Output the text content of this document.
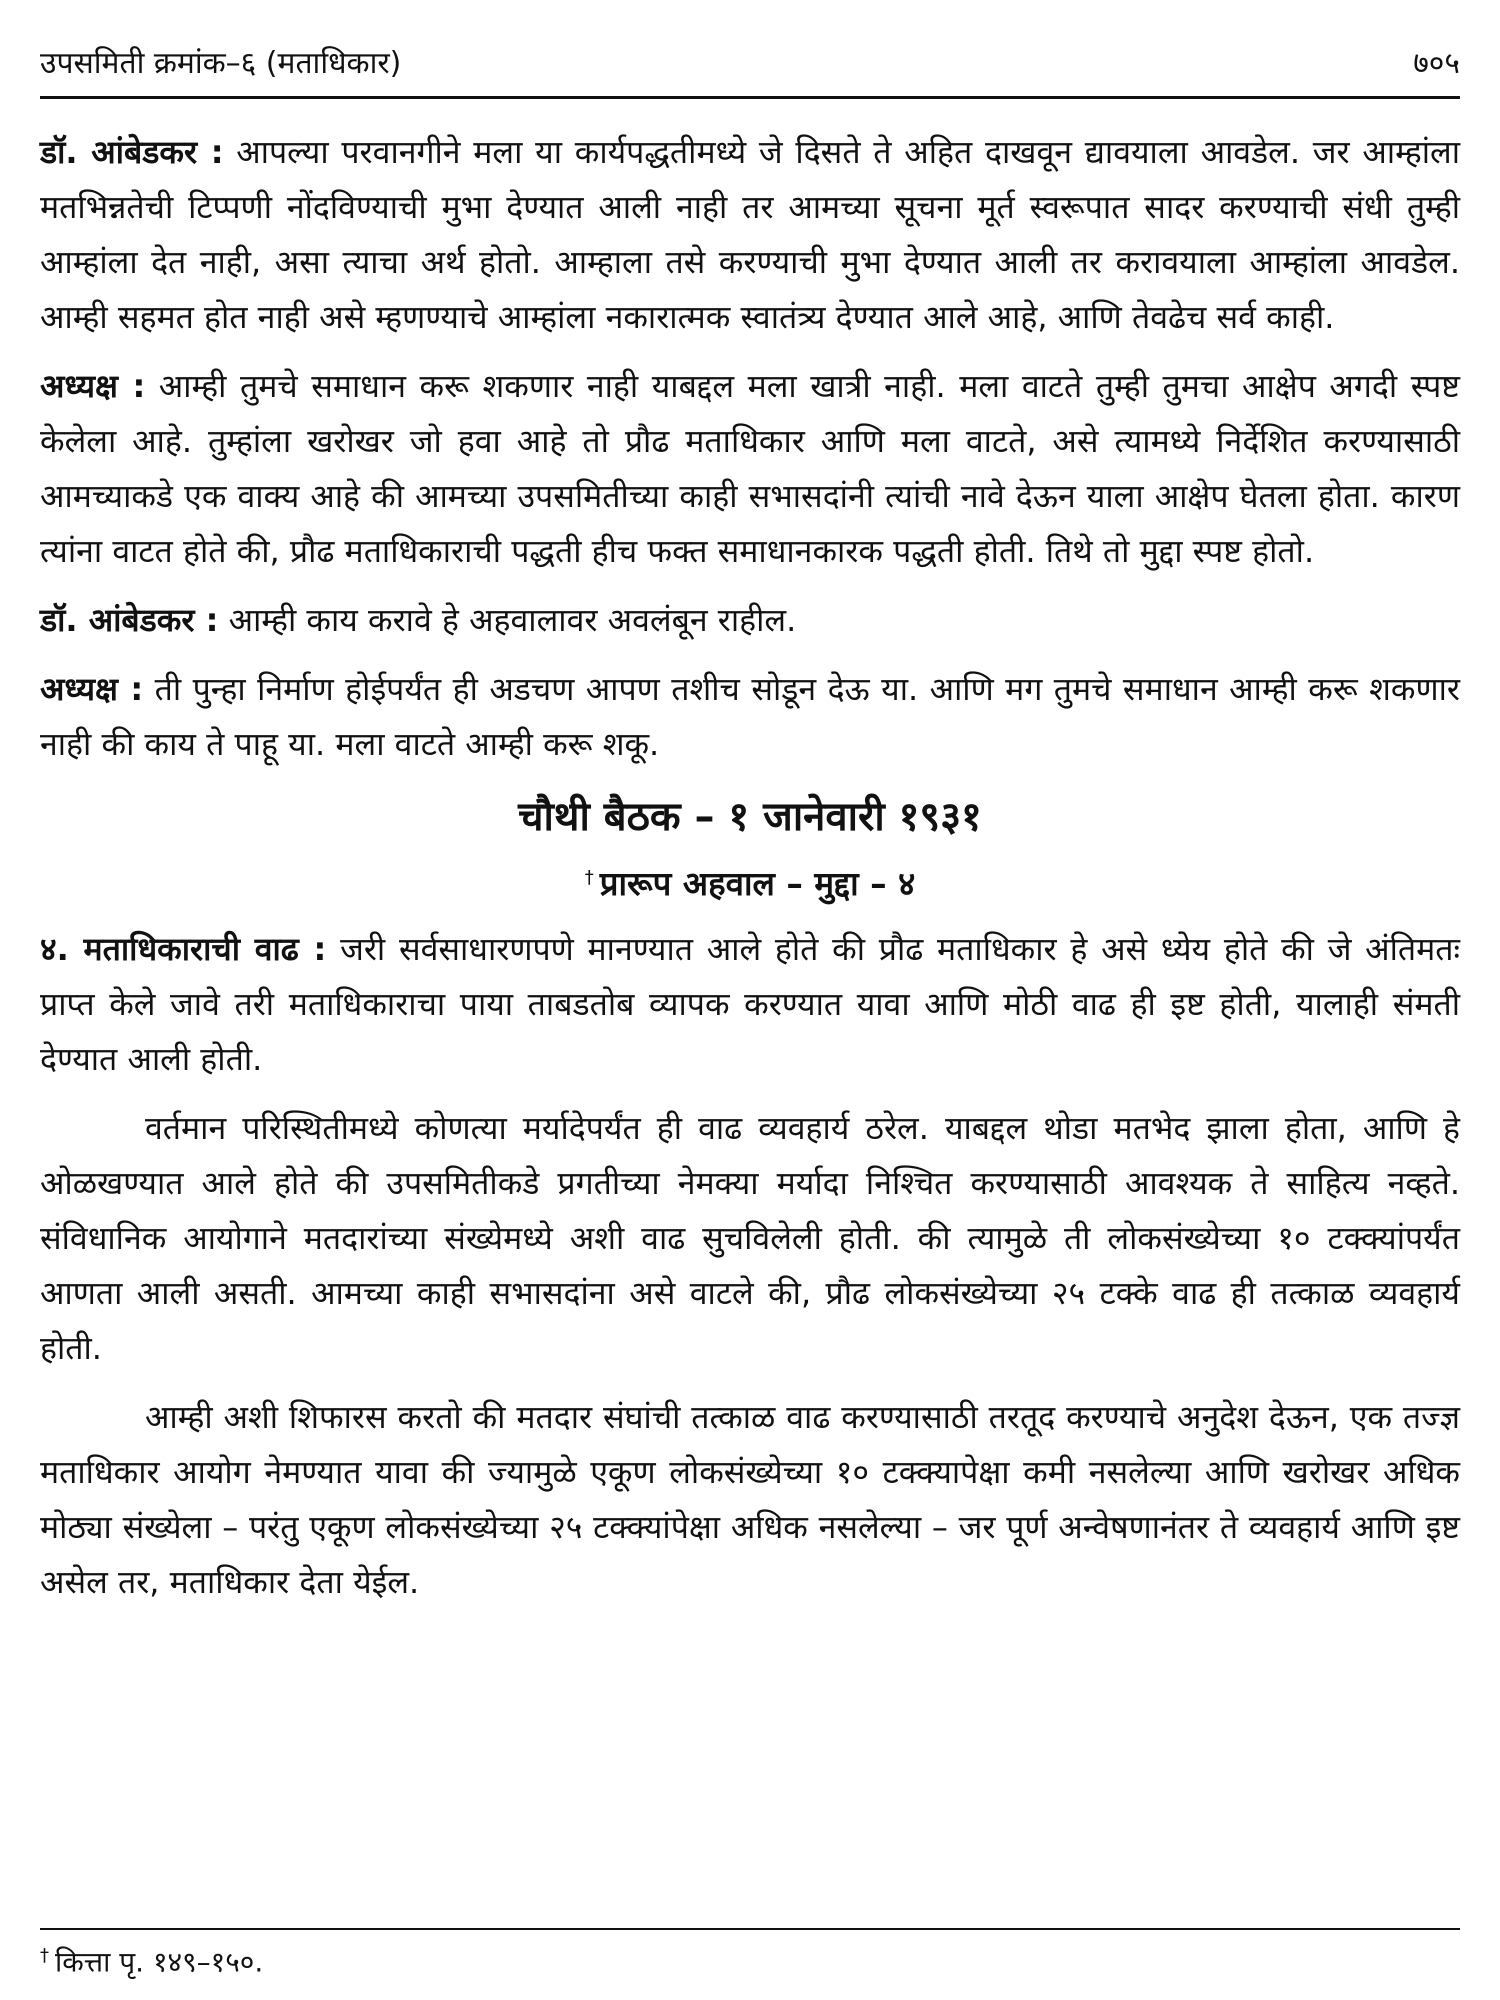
उपसमिती क्रमांक–६ (मताधिकार)	७०५

डॉ. आंबेडकर : आपल्या परवानगीने मला या कार्यपद्धतीमध्ये जे दिसते ते अहित दाखवून द्यावयाला आवडेल. जर आम्हांला मतभिन्नतेची टिप्पणी नोंदविण्याची मुभा देण्यात आली नाही तर आमच्या सूचना मूर्त स्वरूपात सादर करण्याची संधी तुम्ही आम्हांला देत नाही, असा त्याचा अर्थ होतो. आम्हाला तसे करण्याची मुभा देण्यात आली तर करावयाला आम्हांला आवडेल. आम्ही सहमत होत नाही असे म्हणण्याचे आम्हांला नकारात्मक स्वातंत्र्य देण्यात आले आहे, आणि तेवढेच सर्व काही.

अध्यक्ष : आम्ही तुमचे समाधान करू शकणार नाही याबद्दल मला खात्री नाही. मला वाटते तुम्ही तुमचा आक्षेप अगदी स्पष्ट केलेला आहे. तुम्हांला खरोखर जो हवा आहे तो प्रौढ मताधिकार आणि मला वाटते, असे त्यामध्ये निर्देशित करण्यासाठी आमच्याकडे एक वाक्य आहे की आमच्या उपसमितीच्या काही सभासदांनी त्यांची नावे देऊन याला आक्षेप घेतला होता. कारण त्यांना वाटत होते की, प्रौढ मताधिकाराची पद्धती हीच फक्त समाधानकारक पद्धती होती. तिथे तो मुद्दा स्पष्ट होतो.

डॉ. आंबेडकर : आम्ही काय करावे हे अहवालावर अवलंबून राहील.

अध्यक्ष : ती पुन्हा निर्माण होईपर्यंत ही अडचण आपण तशीच सोडून देऊ या. आणि मग तुमचे समाधान आम्ही करू शकणार नाही की काय ते पाहू या. मला वाटते आम्ही करू शकू.

चौथी बैठक – १ जानेवारी १९३१
† प्रारूप अहवाल – मुद्दा – ४

४. मताधिकाराची वाढ : जरी सर्वसाधारणपणे मानण्यात आले होते की प्रौढ मताधिकार हे असे ध्येय होते की जे अंतिमतः प्राप्त केले जावे तरी मताधिकाराचा पाया ताबडतोब व्यापक करण्यात यावा आणि मोठी वाढ ही इष्ट होती, यालाही संमती देण्यात आली होती.

वर्तमान परिस्थितीमध्ये कोणत्या मर्यादेपर्यंत ही वाढ व्यवहार्य ठरेल. याबद्दल थोडा मतभेद झाला होता, आणि हे ओळखण्यात आले होते की उपसमितीकडे प्रगतीच्या नेमक्या मर्यादा निश्चित करण्यासाठी आवश्यक ते साहित्य नव्हते. संविधानिक आयोगाने मतदारांच्या संख्येमध्ये अशी वाढ सुचविलेली होती. की त्यामुळे ती लोकसंख्येच्या १० टक्क्यांपर्यंत आणता आली असती. आमच्या काही सभासदांना असे वाटले की, प्रौढ लोकसंख्येच्या २५ टक्के वाढ ही तत्काळ व्यवहार्य होती.

आम्ही अशी शिफारस करतो की मतदार संघांची तत्काळ वाढ करण्यासाठी तरतूद करण्याचे अनुदेश देऊन, एक तज्ज्ञ मताधिकार आयोग नेमण्यात यावा की ज्यामुळे एकूण लोकसंख्येच्या १० टक्क्यापेक्षा कमी नसलेल्या आणि खरोखर अधिक मोठ्या संख्येला – परंतु एकूण लोकसंख्येच्या २५ टक्क्यांपेक्षा अधिक नसलेल्या – जर पूर्ण अन्वेषणानंतर ते व्यवहार्य आणि इष्ट असेल तर, मताधिकार देता येईल.

† कित्ता पृ. १४९–१५०.
